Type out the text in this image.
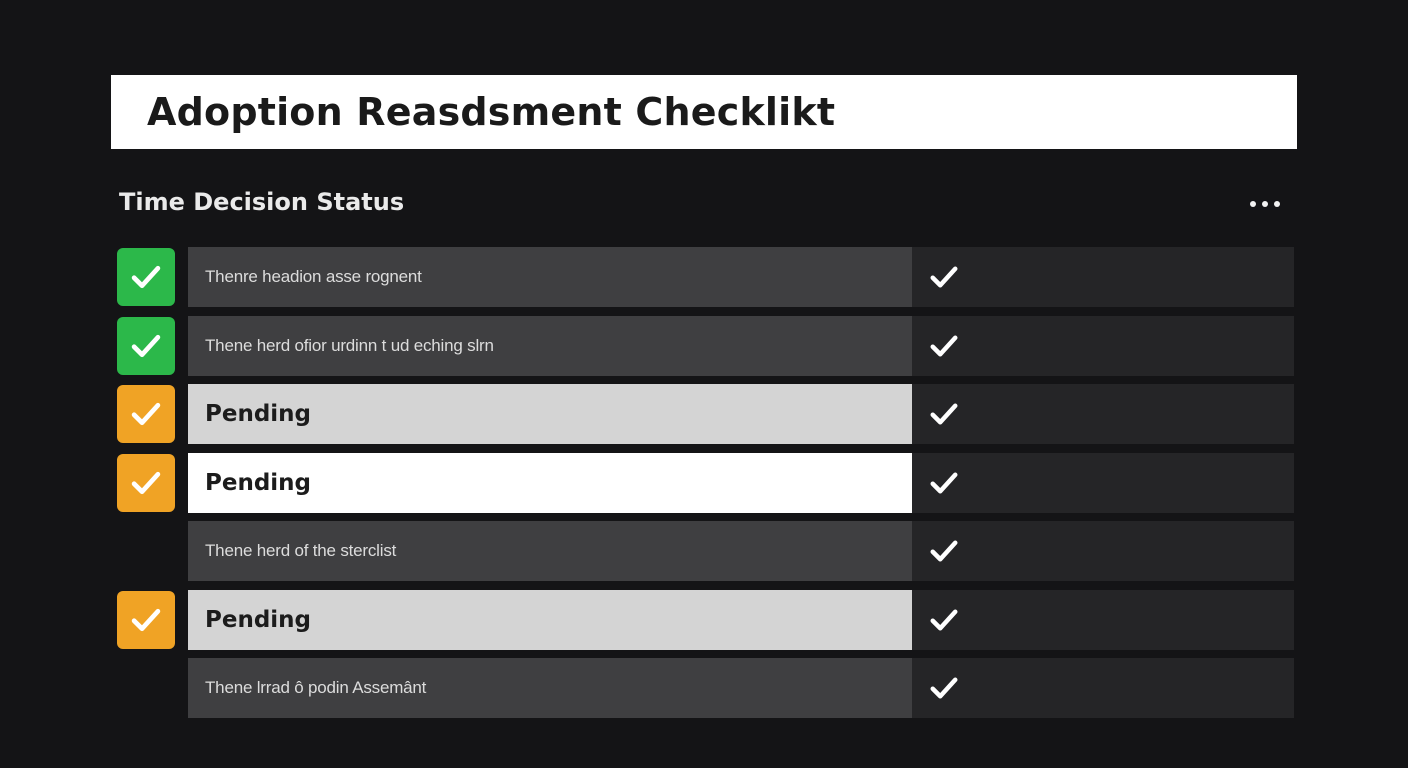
Adoption Reasdsment Checklikt
Time Decision Status
Thenre headion asse rognent
Thene herd ofior urdinn t ud eching slrn
Pending
Pending
Thene herd of the sterclist
Pending
Thene lrrad ô podin Assemânt
